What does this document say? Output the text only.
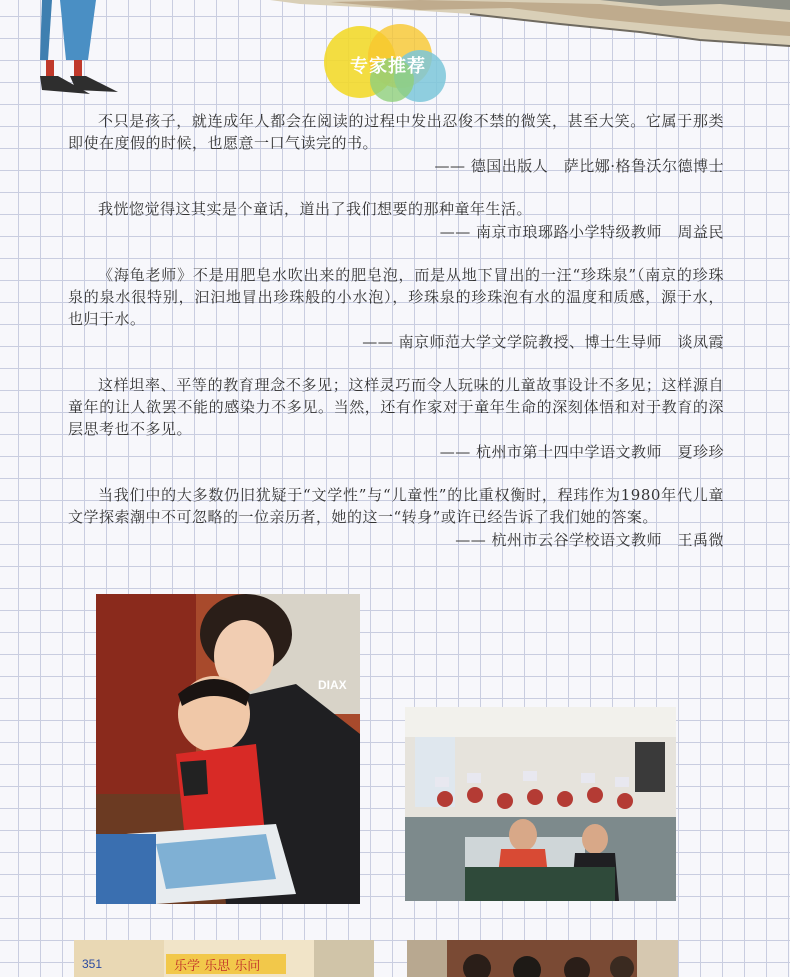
专家推荐

不只是孩子，就连成年人都会在阅读的过程中发出忍俊不禁的微笑，甚至大笑。它属于那类即使在度假的时候，也愿意一口气读完的书。

—— 德国出版人　萨比娜·格鲁沃尔德博士

我恍惚觉得这其实是个童话，道出了我们想要的那种童年生活。

—— 南京市琅琊路小学特级教师　周益民

《海龟老师》不是用肥皂水吹出来的肥皂泡，而是从地下冒出的一汪“珍珠泉”（南京的珍珠泉的泉水很特别，汩汩地冒出珍珠般的小水泡），珍珠泉的珍珠泡有水的温度和质感，源于水，也归于水。

—— 南京师范大学文学院教授、博士生导师　谈凤霞

这样坦率、平等的教育理念不多见；这样灵巧而令人玩味的儿童故事设计不多见；这样源自童年的让人欲罢不能的感染力不多见。当然，还有作家对于童年生命的深刻体悟和对于教育的深层思考也不多见。

—— 杭州市第十四中学语文教师　夏珍珍

当我们中的大多数仍旧犹疑于“文学性”与“儿童性”的比重权衡时，程玮作为1980年代儿童文学探索潮中不可忽略的一位亲历者，她的这一“转身”或许已经告诉了我们她的答案。

—— 杭州市云谷学校语文教师　王禹微

DIAX
351	乐学 乐思 乐问
